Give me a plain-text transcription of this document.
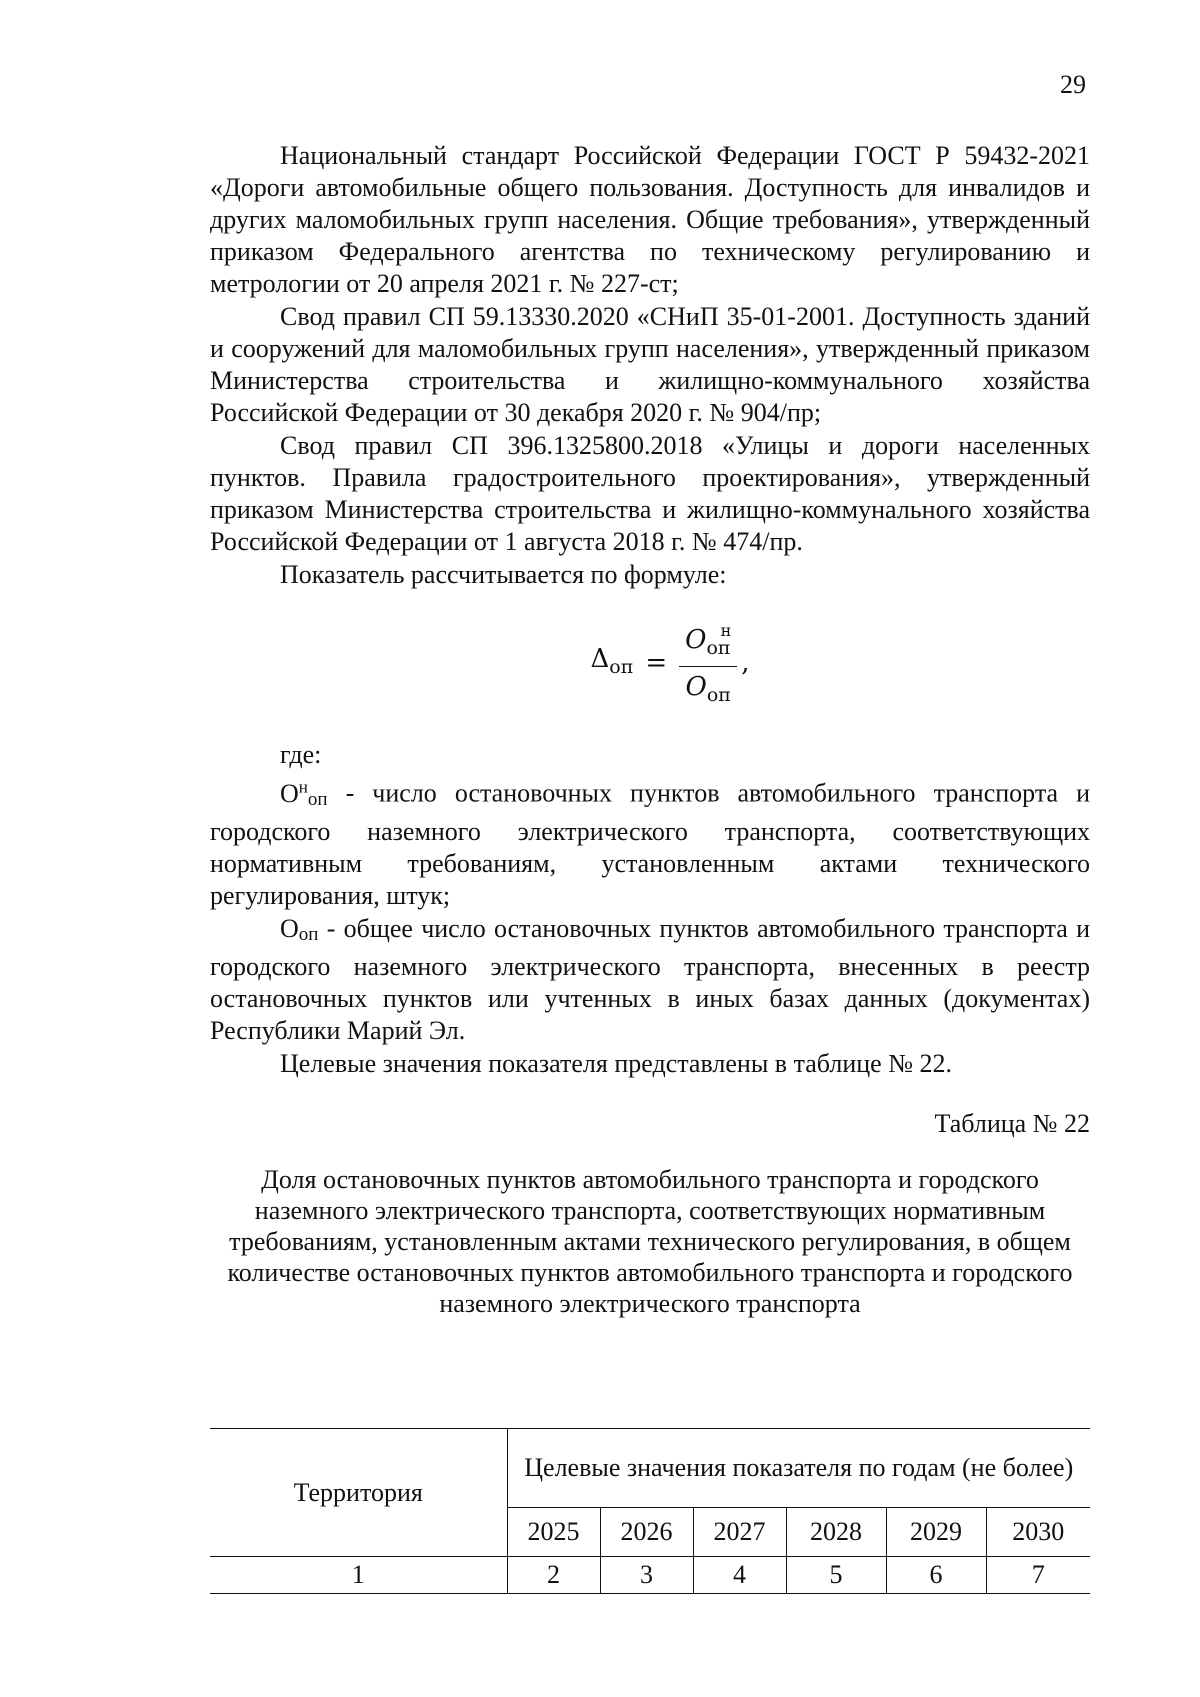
29

Национальный стандарт Российской Федерации ГОСТ Р 59432-2021 «Дороги автомобильные общего пользования. Доступность для инвалидов и других маломобильных групп населения. Общие требования», утвержденный приказом Федерального агентства по техническому регулированию и метрологии от 20 апреля 2021 г. № 227-ст;

Свод правил СП 59.13330.2020 «СНиП 35-01-2001. Доступность зданий и сооружений для маломобильных групп населения», утвержденный приказом Министерства строительства и жилищно-коммунального хозяйства Российской Федерации от 30 декабря 2020 г. № 904/пр;

Свод правил СП 396.1325800.2018 «Улицы и дороги населенных пунктов. Правила градостроительного проектирования», утвержденный приказом Министерства строительства и жилищно-коммунального хозяйства Российской Федерации от 1 августа 2018 г. № 474/пр.

Показатель рассчитывается по формуле:

$\Delta_{оп} = \frac{O_{оп}^н}{O_{оп}}$ ,

где:

$О^н_{оп}$ - число остановочных пунктов автомобильного транспорта и городского наземного электрического транспорта, соответствующих нормативным требованиям, установленным актами технического регулирования, штук;

$О_{оп}$ - общее число остановочных пунктов автомобильного транспорта и городского наземного электрического транспорта, внесенных в реестр остановочных пунктов или учтенных в иных базах данных (документах) Республики Марий Эл.

Целевые значения показателя представлены в таблице № 22.

Таблица № 22

Доля остановочных пунктов автомобильного транспорта и городского наземного электрического транспорта, соответствующих нормативным требованиям, установленным актами технического регулирования, в общем количестве остановочных пунктов автомобильного транспорта и городского наземного электрического транспорта

Территория	Целевые значения показателя по годам (не более)					
	2025	2026	2027	2028	2029	2030
1	2	3	4	5	6	7
